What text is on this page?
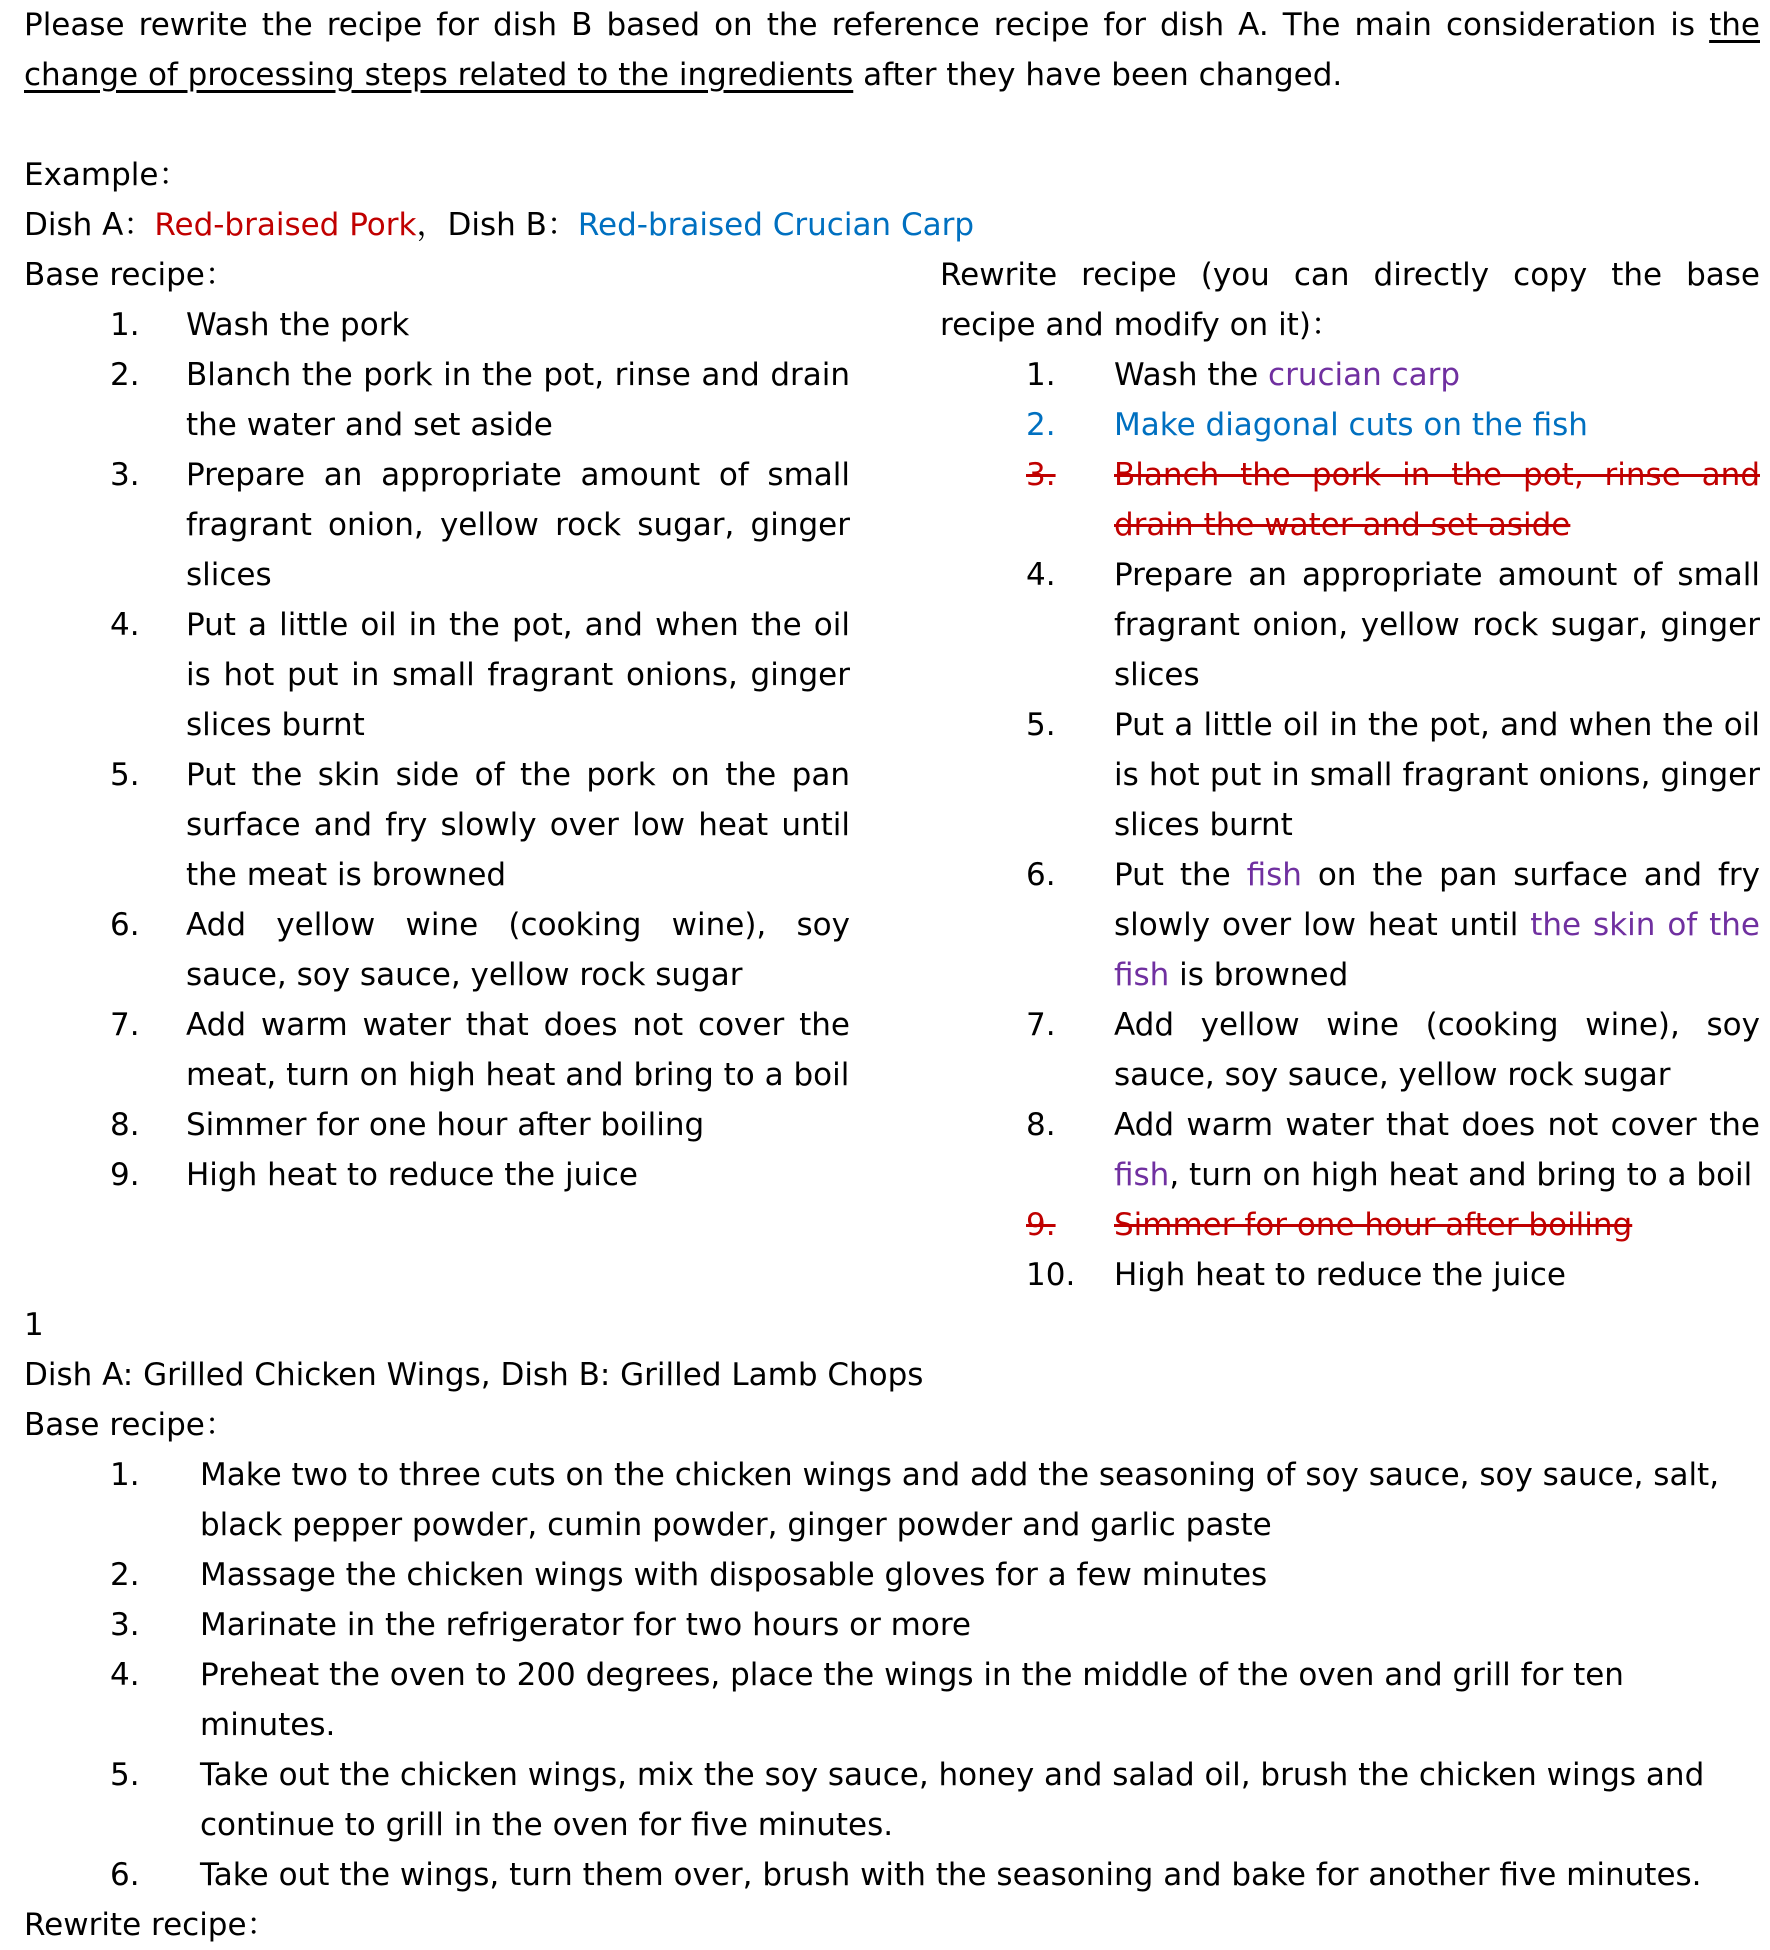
Please rewrite the recipe for dish B based on the reference recipe for dish A. The main consideration is the change of processing steps related to the ingredients after they have been changed.

Example：

Dish A：Red-braised Pork，Dish B：Red-braised Crucian Carp

Base recipe：

1.	Wash the pork
2.	Blanch the pork in the pot, rinse and drain the water and set aside
3.	Prepare an appropriate amount of small fragrant onion, yellow rock sugar, ginger slices
4.	Put a little oil in the pot, and when the oil is hot put in small fragrant onions, ginger slices burnt
5.	Put the skin side of the pork on the pan surface and fry slowly over low heat until the meat is browned
6.	Add yellow wine (cooking wine), soy sauce, soy sauce, yellow rock sugar
7.	Add warm water that does not cover the meat, turn on high heat and bring to a boil
8.	Simmer for one hour after boiling
9.	High heat to reduce the juice

Rewrite recipe (you can directly copy the base recipe and modify on it)：

1.	Wash the crucian carp
2.	Make diagonal cuts on the fish
3.	Blanch the pork in the pot, rinse and drain the water and set aside
4.	Prepare an appropriate amount of small fragrant onion, yellow rock sugar, ginger slices
5.	Put a little oil in the pot, and when the oil is hot put in small fragrant onions, ginger slices burnt
6.	Put the fish on the pan surface and fry slowly over low heat until the skin of the fish is browned
7.	Add yellow wine (cooking wine), soy sauce, soy sauce, yellow rock sugar
8.	Add warm water that does not cover the fish, turn on high heat and bring to a boil
9.	Simmer for one hour after boiling
10.	High heat to reduce the juice

1

Dish A: Grilled Chicken Wings, Dish B: Grilled Lamb Chops

Base recipe：

1.	Make two to three cuts on the chicken wings and add the seasoning of soy sauce, soy sauce, salt, black pepper powder, cumin powder, ginger powder and garlic paste
2.	Massage the chicken wings with disposable gloves for a few minutes
3.	Marinate in the refrigerator for two hours or more
4.	Preheat the oven to 200 degrees, place the wings in the middle of the oven and grill for ten minutes.
5.	Take out the chicken wings, mix the soy sauce, honey and salad oil, brush the chicken wings and continue to grill in the oven for five minutes.
6.	Take out the wings, turn them over, brush with the seasoning and bake for another five minutes.

Rewrite recipe：
